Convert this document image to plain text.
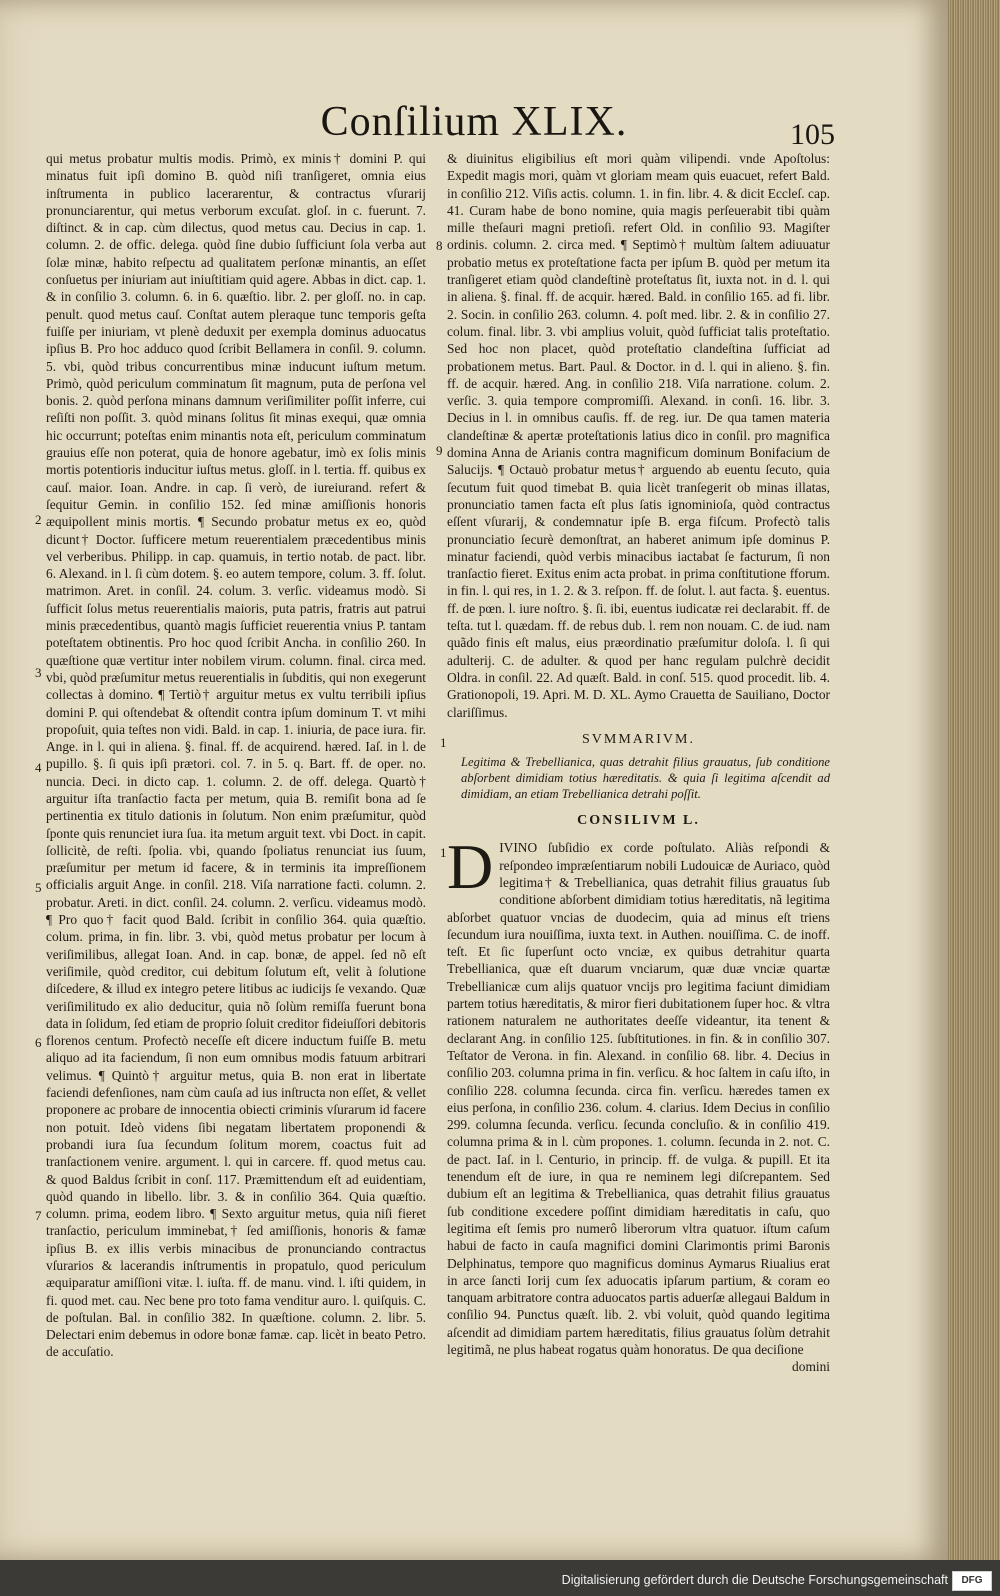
Conſilium XLIX.	105
2
3
4
5
6
7
8
9
1
1

qui metus probatur multis modis. Primò, ex minis† domini P. qui minatus fuit ipſi domino B. quòd niſi tranſigeret, omnia eius inſtrumenta in publico lacerarentur, & contractus vſurarij pronunciarentur, qui metus verborum excuſat. gloſ. in c. fuerunt. 7. diſtinct. & in cap. cùm dilectus, quod metus cau. Decius in cap. 1. column. 2. de offic. delega. quòd ſine dubio ſufficiunt ſola verba aut ſolæ minæ, habito reſpectu ad qualitatem perſonæ minantis, an eſſet conſuetus per iniuriam aut iniuſtitiam quid agere. Abbas in dict. cap. 1. & in conſilio 3. column. 6. in 6. quæſtio. libr. 2. per gloſſ. no. in cap. penult. quod metus cauſ. Conſtat autem pleraque tunc temporis geſta fuiſſe per iniuriam, vt plenè deduxit per exempla dominus aduocatus ipſius B. Pro hoc adduco quod ſcribit Bellamera in conſil. 9. column. 5. vbi, quòd tribus concurrentibus minæ inducunt iuſtum metum. Primò, quòd periculum comminatum ſit magnum, puta de perſona vel bonis. 2. quòd perſona minans damnum veriſimiliter poſſit inferre, cui reſiſti non poſſit. 3. quòd minans ſolitus ſit minas exequi, quæ omnia hic occurrunt; poteſtas enim minantis nota eſt, periculum comminatum grauius eſſe non poterat, quia de honore agebatur, imò ex ſolis minis mortis potentioris inducitur iuſtus metus. gloſſ. in l. tertia. ff. quibus ex cauſ. maior. Ioan. Andre. in cap. ſi verò, de iureiurand. refert & ſequitur Gemin. in conſilio 152. ſed minæ amiſſionis honoris æquipollent minis mortis. ¶ Secundo probatur metus ex eo, quòd dicunt† Doctor. ſufficere metum reuerentialem præcedentibus minis vel verberibus. Philipp. in cap. quamuis, in tertio notab. de pact. libr. 6. Alexand. in l. ſi cùm dotem. §. eo autem tempore, colum. 3. ff. ſolut. matrimon. Aret. in conſil. 24. colum. 3. verſic. videamus modò. Si ſufficit ſolus metus reuerentialis maioris, puta patris, fratris aut patrui minis præcedentibus, quantò magis ſufficiet reuerentia vnius P. tantam poteſtatem obtinentis. Pro hoc quod ſcribit Ancha. in conſilio 260. In quæſtione quæ vertitur inter nobilem virum. column. final. circa med. vbi, quòd præſumitur metus reuerentialis in ſubditis, qui non exegerunt collectas à domino. ¶ Tertiò† arguitur metus ex vultu terribili ipſius domini P. qui oſtendebat & oſtendit contra ipſum dominum T. vt mihi propoſuit, quia teſtes non vidi. Bald. in cap. 1. iniuria, de pace iura. fir. Ange. in l. qui in aliena. §. final. ff. de acquirend. hæred. Iaſ. in l. de pupillo. §. ſi quis ipſi prætori. col. 7. in 5. q. Bart. ff. de oper. no. nuncia. Deci. in dicto cap. 1. column. 2. de off. delega. Quartò† arguitur iſta tranſactio facta per metum, quia B. remiſit bona ad ſe pertinentia ex titulo dationis in ſolutum. Non enim præſumitur, quòd ſponte quis renunciet iura ſua. ita metum arguit text. vbi Doct. in capit. ſollicitè, de reſti. ſpolia. vbi, quando ſpoliatus renunciat ius ſuum, præſumitur per metum id facere, & in terminis ita impreſſionem officialis arguit Ange. in conſil. 218. Viſa narratione facti. column. 2. probatur. Areti. in dict. conſil. 24. column. 2. verſicu. videamus modò. ¶ Pro quo† facit quod Bald. ſcribit in conſilio 364. quia quæſtio. colum. prima, in fin. libr. 3. vbi, quòd metus probatur per locum à veriſimilibus, allegat Ioan. And. in cap. bonæ, de appel. ſed nõ eſt veriſimile, quòd creditor, cui debitum ſolutum eſt, velit à ſolutione diſcedere, & illud ex integro petere litibus ac iudicijs ſe vexando. Quæ veriſimilitudo ex alio deducitur, quia nõ ſolùm remiſſa fuerunt bona data in ſolidum, ſed etiam de proprio ſoluit creditor fideiuſſori debitoris florenos centum. Profectò neceſſe eſt dicere inductum fuiſſe B. metu aliquo ad ita faciendum, ſi non eum omnibus modis fatuum arbitrari velimus. ¶ Quintò† arguitur metus, quia B. non erat in libertate faciendi defenſiones, nam cùm cauſa ad ius inſtructa non eſſet, & vellet proponere ac probare de innocentia obiecti criminis vſurarum id facere non potuit. Ideò videns ſibi negatam libertatem proponendi & probandi iura ſua ſecundum ſolitum morem, coactus fuit ad tranſactionem venire. argument. l. qui in carcere. ff. quod metus cau. & quod Baldus ſcribit in conſ. 117. Præmittendum eſt ad euidentiam, quòd quando in libello. libr. 3. & in conſilio 364. Quia quæſtio. column. prima, eodem libro. ¶ Sexto arguitur metus, quia niſi fieret tranſactio, periculum imminebat,† ſed amiſſionis, honoris & famæ ipſius B. ex illis verbis minacibus de pronunciando contractus vſurarios & lacerandis inſtrumentis in propatulo, quod periculum æquiparatur amiſſioni vitæ. l. iuſta. ff. de manu. vind. l. iſti quidem, in fi. quod met. cau. Nec bene pro toto fama venditur auro. l. quiſquis. C. de poſtulan. Bal. in conſilio 382. In quæſtione. column. 2. libr. 5. Delectari enim debemus in odore bonæ famæ. cap. licèt in beato Petro. de accuſatio.

& diuinitus eligibilius eſt mori quàm vilipendi. vnde Apoſtolus: Expedit magis mori, quàm vt gloriam meam quis euacuet, refert Bald. in conſilio 212. Viſis actis. column. 1. in fin. libr. 4. & dicit Eccleſ. cap. 41. Curam habe de bono nomine, quia magis perſeuerabit tibi quàm mille theſauri magni pretioſi. refert Old. in conſilio 93. Magiſter ordinis. column. 2. circa med. ¶ Septimò† multùm ſaltem adiuuatur probatio metus ex proteſtatione facta per ipſum B. quòd per metum ita tranſigeret etiam quòd clandeſtinè proteſtatus ſit, iuxta not. in d. l. qui in aliena. §. final. ff. de acquir. hæred. Bald. in conſilio 165. ad fi. libr. 2. Socin. in conſilio 263. column. 4. poſt med. libr. 2. & in conſilio 27. colum. final. libr. 3. vbi amplius voluit, quòd ſufficiat talis proteſtatio. Sed hoc non placet, quòd proteſtatio clandeſtina ſufficiat ad probationem metus. Bart. Paul. & Doctor. in d. l. qui in alieno. §. fin. ff. de acquir. hæred. Ang. in conſilio 218. Viſa narratione. colum. 2. verſic. 3. quia tempore compromiſſi. Alexand. in conſi. 16. libr. 3. Decius in l. in omnibus cauſis. ff. de reg. iur. De qua tamen materia clandeſtinæ & apertæ proteſtationis latius dico in conſil. pro magnifica domina Anna de Arianis contra magnificum dominum Bonifacium de Salucijs. ¶ Octauò probatur metus† arguendo ab euentu ſecuto, quia ſecutum fuit quod timebat B. quia licèt tranſegerit ob minas illatas, pronunciatio tamen facta eſt plus ſatis ignominioſa, quòd contractus eſſent vſurarij, & condemnatur ipſe B. erga fiſcum. Profectò talis pronunciatio ſecurè demonſtrat, an haberet animum ipſe dominus P. minatur faciendi, quòd verbis minacibus iactabat ſe facturum, ſi non tranſactio fieret. Exitus enim acta probat. in prima conſtitutione fforum. in fin. l. qui res, in 1. 2. & 3. reſpon. ff. de ſolut. l. aut facta. §. euentus. ff. de pœn. l. iure noſtro. §. ſi. ibi, euentus iudicatæ rei declarabit. ff. de teſta. tut l. quædam. ff. de rebus dub. l. rem non nouam. C. de iud. nam quãdo finis eſt malus, eius præordinatio præſumitur doloſa. l. ſi qui adulterij. C. de adulter. & quod per hanc regulam pulchrè decidit Oldra. in conſil. 22. Ad quæſt. Bald. in conſ. 515. quod procedit. lib. 4. Grationopoli, 19. Apri. M. D. XL. Aymo Crauetta de Sauiliano, Doctor clariſſimus.

SVMMARIVM.
Legitima & Trebellianica, quas detrahit filius grauatus, ſub conditione abſorbent dimidiam totius hæreditatis. & quia ſi legitima aſcendit ad dimidiam, an etiam Trebellianica detrahi poſſit.
CONSILIVM L.

DIVINO ſubſidio ex corde poſtulato. Aliàs reſpondi & reſpondeo impræſentiarum nobili Ludouicæ de Auriaco, quòd legitima† & Trebellianica, quas detrahit filius grauatus ſub conditione abſorbent dimidiam totius hæreditatis, nã legitima abſorbet quatuor vncias de duodecim, quia ad minus eſt triens ſecundum iura nouiſſima, iuxta text. in Authen. nouiſſima. C. de inoff. teſt. Et ſic ſuperſunt octo vnciæ, ex quibus detrahitur quarta Trebellianica, quæ eſt duarum vnciarum, quæ duæ vnciæ quartæ Trebellianicæ cum alijs quatuor vncijs pro legitima faciunt dimidiam partem totius hæreditatis, & miror fieri dubitationem ſuper hoc. & vltra rationem naturalem ne authoritates deeſſe videantur, ita tenent & declarant Ang. in conſilio 125. ſubſtitutiones. in fin. & in conſilio 307. Teſtator de Verona. in fin. Alexand. in conſilio 68. libr. 4. Decius in conſilio 203. columna prima in fin. verſicu. & hoc ſaltem in caſu iſto, in conſilio 228. columna ſecunda. circa fin. verſicu. hæredes tamen ex eius perſona, in conſilio 236. colum. 4. clarius. Idem Decius in conſilio 299. columna ſecunda. verſicu. ſecunda concluſio. & in conſilio 419. columna prima & in l. cùm propones. 1. column. ſecunda in 2. not. C. de pact. Iaſ. in l. Centurio, in princip. ff. de vulga. & pupill. Et ita tenendum eſt de iure, in qua re neminem legi diſcrepantem. Sed dubium eſt an legitima & Trebellianica, quas detrahit filius grauatus ſub conditione excedere poſſint dimidiam hæreditatis in caſu, quo legitima eſt ſemis pro numerô liberorum vltra quatuor. iſtum caſum habui de facto in cauſa magnifici domini Clarimontis primi Baronis Delphinatus, tempore quo magnificus dominus Aymarus Riualius erat in arce ſancti Iorij cum ſex aduocatis ipſarum partium, & coram eo tanquam arbitratore contra aduocatos partis aduerſæ allegaui Baldum in conſilio 94. Punctus quæſt. lib. 2. vbi voluit, quòd quando legitima aſcendit ad dimidiam partem hæreditatis, filius grauatus ſolùm detrahit legitimã, ne plus habeat rogatus quàm honoratus. De qua deciſione

domini
Digitalisierung gefördert durch die Deutsche Forschungsgemeinschaft	DFG
